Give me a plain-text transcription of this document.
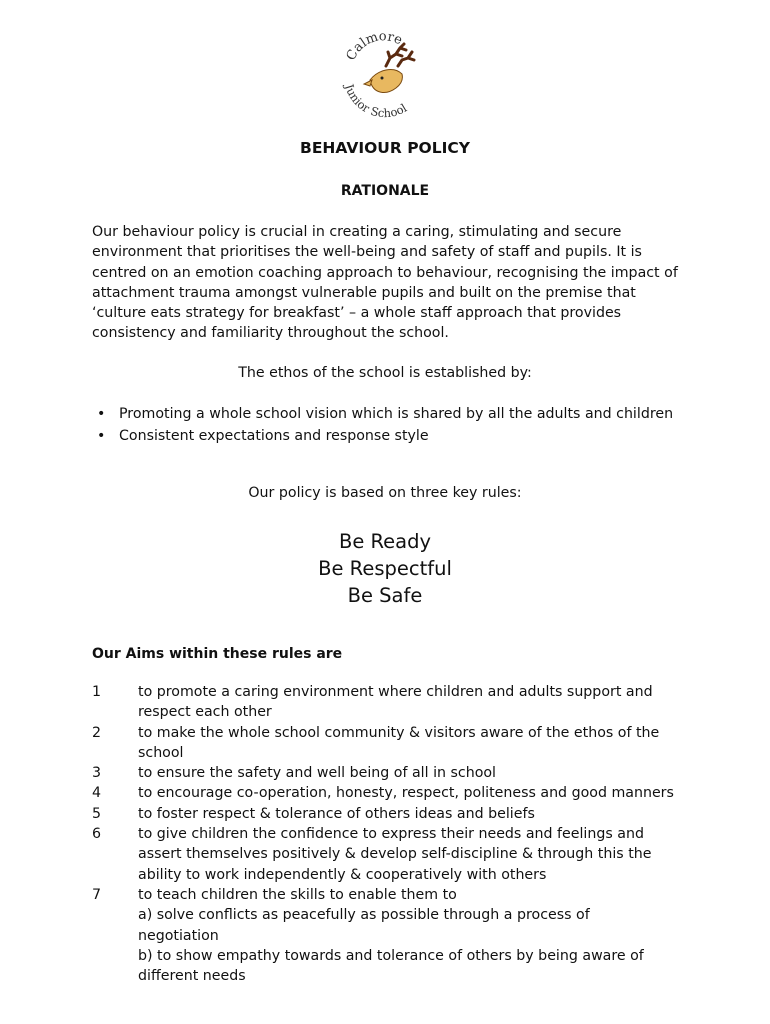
Calmore
Junior School
BEHAVIOUR POLICY
RATIONALE
Our behaviour policy is crucial in creating a caring, stimulating and secure
environment that prioritises the well-being and safety of staff and pupils. It is
centred on an emotion coaching approach to behaviour, recognising the impact of
attachment trauma amongst vulnerable pupils and built on the premise that
‘culture eats strategy for breakfast’ – a whole staff approach that provides
consistency and familiarity throughout the school.
The ethos of the school is established by:
• Promoting a whole school vision which is shared by all the adults and children
• Consistent expectations and response style
Our policy is based on three key rules:
Be Ready
Be Respectful
Be Safe
Our Aims within these rules are
1	to promote a caring environment where children and adults support and
respect each other
2	to make the whole school community & visitors aware of the ethos of the
school
3	to ensure the safety and well being of all in school
4	to encourage co-operation, honesty, respect, politeness and good manners
5	to foster respect & tolerance of others ideas and beliefs
6	to give children the confidence to express their needs and feelings and
assert themselves positively & develop self-discipline & through this the
ability to work independently & cooperatively with others
7	to teach children the skills to enable them to
a) solve conflicts as peacefully as possible through a process of
negotiation
b) to show empathy towards and tolerance of others by being aware of
different needs
